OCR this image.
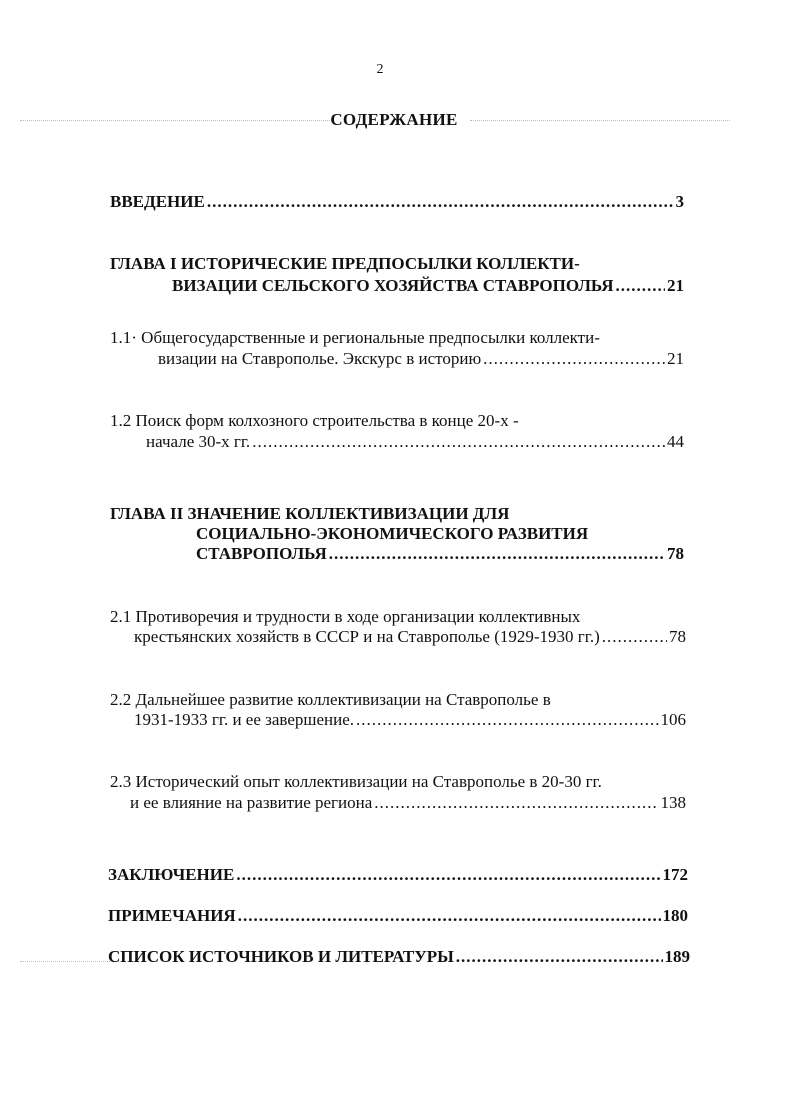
2
СОДЕРЖАНИЕ
ВВЕДЕНИЕ .....	3
ГЛАВА I ИСТОРИЧЕСКИЕ ПРЕДПОСЫЛКИ КОЛЛЕКТИ-
ВИЗАЦИИ СЕЛЬСКОГО ХОЗЯЙСТВА СТАВРОПОЛЬЯ .....	21
1.1· Общегосударственные и региональные предпосылки коллекти-
визации на Ставрополье. Экскурс в историю .....	21
1.2 Поиск форм колхозного строительства в конце 20-х -
начале 30-х гг. .....	44
ГЛАВА II ЗНАЧЕНИЕ КОЛЛЕКТИВИЗАЦИИ ДЛЯ
СОЦИАЛЬНО-ЭКОНОМИЧЕСКОГО РАЗВИТИЯ
СТАВРОПОЛЬЯ .....	78
2.1 Противоречия и трудности в ходе организации коллективных
крестьянских хозяйств в СССР и на Ставрополье (1929-1930 гг.) .....	78
2.2 Дальнейшее развитие коллективизации на Ставрополье в
1931-1933 гг. и ее завершение. .....	106
2.3 Исторический опыт коллективизации на Ставрополье в 20-30 гг.
и ее влияние на развитие региона .....	138
ЗАКЛЮЧЕНИЕ .....	172
ПРИМЕЧАНИЯ .....	180
СПИСОК ИСТОЧНИКОВ И ЛИТЕРАТУРЫ .....	189
